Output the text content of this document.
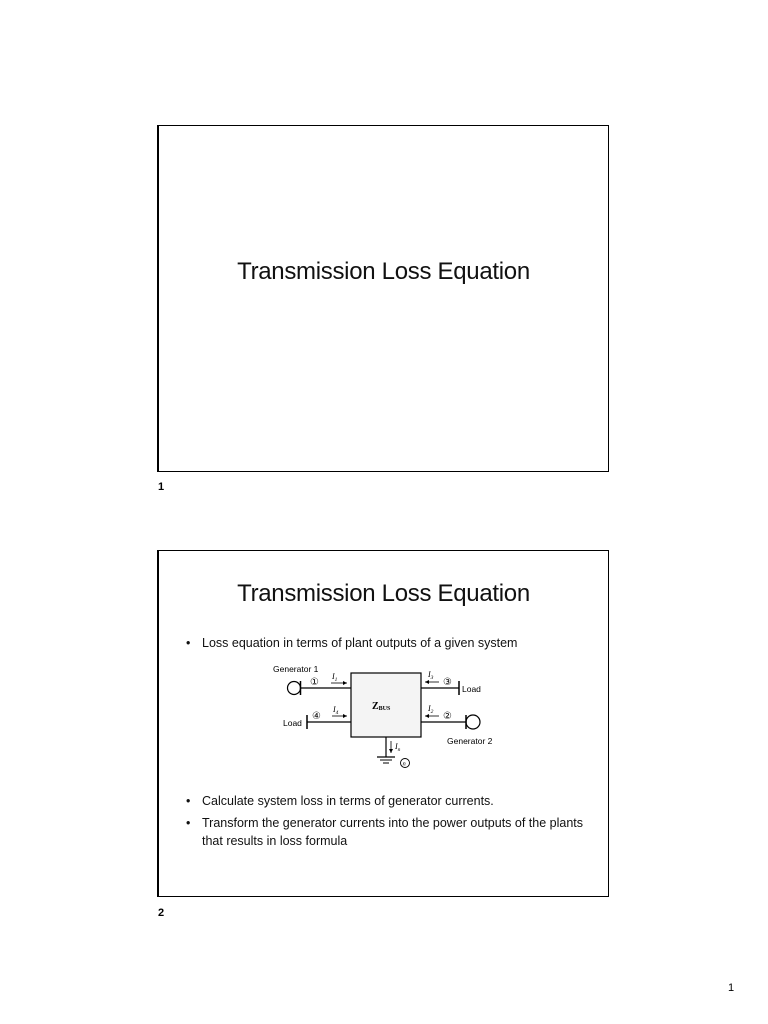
Transmission Loss Equation
1
Transmission Loss Equation
• Loss equation in terms of plant outputs of a given system
Generator 1
①
$I_1$
ZBUS
③
Load
$I_3$
Load
④
$I_4$	②
Generator 2
$I_2$
$I_n$
n
• Calculate system loss in terms of generator currents.
• Transform the generator currents into the power outputs of the plants that results in loss formula
2
1
